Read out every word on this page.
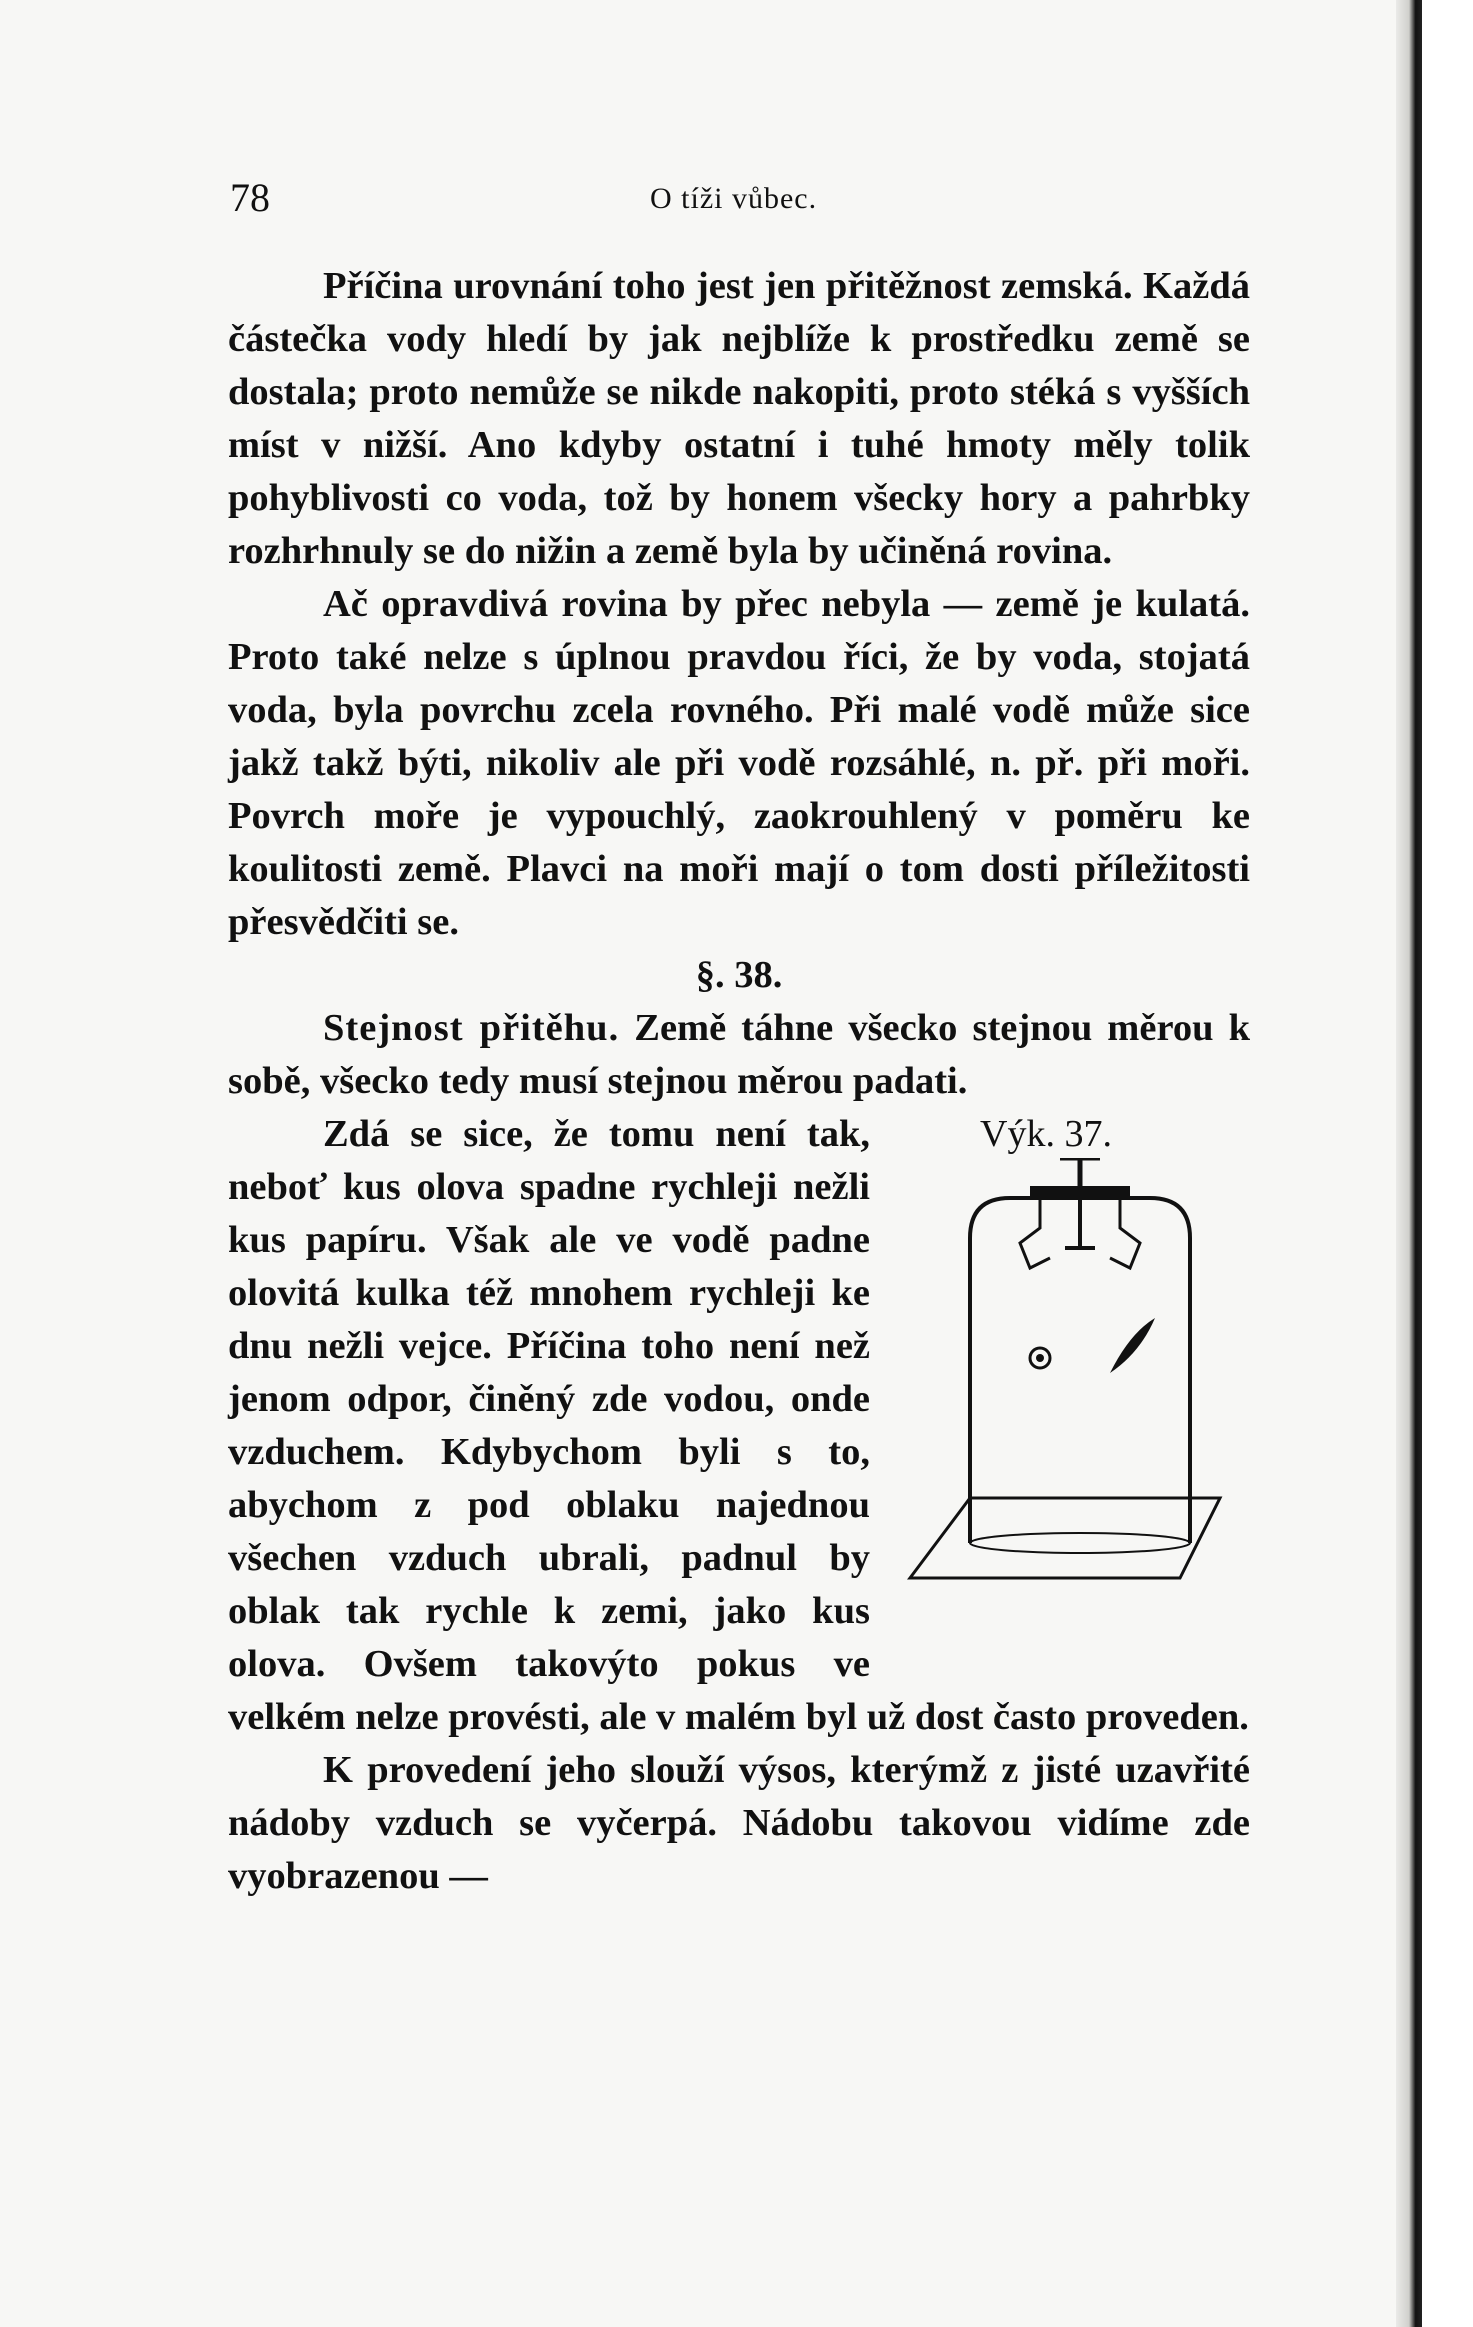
78	O tíži vůbec.

Příčina urovnání toho jest jen přitěžnost zemská. Každá částečka vody hledí by jak nejblíže k prostředku země se dostala; proto nemůže se nikde nakopiti, proto stéká s vyšších míst v nižší. Ano kdyby ostatní i tuhé hmoty měly tolik pohyblivosti co voda, tož by honem všecky hory a pahrbky rozhrhnuly se do nižin a země byla by učiněná rovina.

Ač opravdivá rovina by přec nebyla — země je kulatá. Proto také nelze s úplnou pravdou říci, že by voda, stojatá voda, byla povrchu zcela rovného. Při malé vodě může sice jakž takž býti, nikoliv ale při vodě rozsáhlé, n. př. při moři. Povrch moře je vypouchlý, zaokrouhlený v poměru ke koulitosti země. Plavci na moři mají o tom dosti příležitosti přesvědčiti se.

§. 38.

Stejnost přitěhu. Země táhne všecko stejnou měrou k sobě, všecko tedy musí stejnou měrou padati.

Výk. 37.

Zdá se sice, že tomu není tak, neboť kus olova spadne rychleji nežli kus papíru. Však ale ve vodě padne olovitá kulka též mnohem rychleji ke dnu nežli vejce. Příčina toho není než jenom odpor, činěný zde vodou, onde vzduchem. Kdybychom byli s to, abychom z pod oblaku najednou všechen vzduch ubrali, padnul by oblak tak rychle k zemi, jako kus olova. Ovšem takovýto pokus ve velkém nelze provésti, ale v malém byl už dost často proveden.

K provedení jeho slouží výsos, kterýmž z jisté uzavřité nádoby vzduch se vyčerpá. Nádobu takovou vidíme zde vyobrazenou —
